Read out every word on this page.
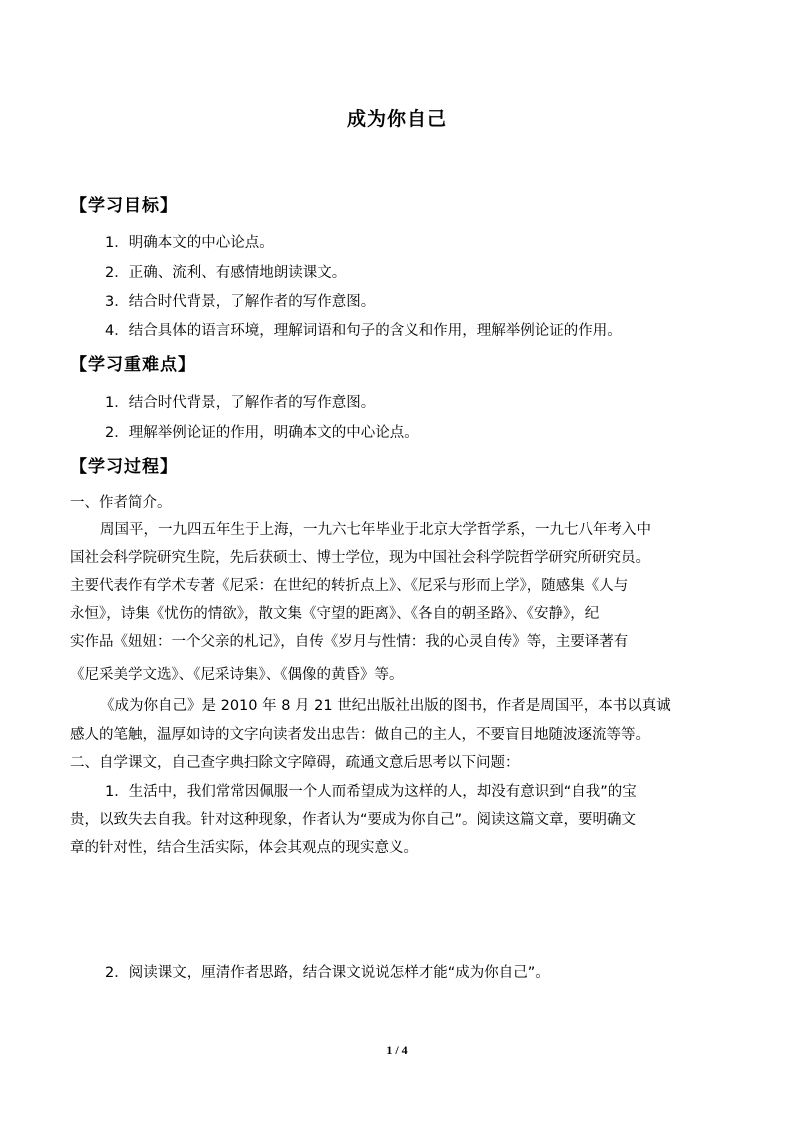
成为你自己
【学习目标】
1．明确本文的中心论点。
2．正确、流利、有感情地朗读课文。
3．结合时代背景，了解作者的写作意图。
4．结合具体的语言环境，理解词语和句子的含义和作用，理解举例论证的作用。
【学习重难点】
1．结合时代背景，了解作者的写作意图。
2．理解举例论证的作用，明确本文的中心论点。
【学习过程】
一、作者简介。
周国平，一九四五年生于上海，一九六七年毕业于北京大学哲学系，一九七八年考入中
国社会科学院研究生院，先后获硕士、博士学位，现为中国社会科学院哲学研究所研究员。
主要代表作有学术专著《尼采：在世纪的转折点上》、《尼采与形而上学》，随感集《人与
永恒》，诗集《忧伤的情欲》，散文集《守望的距离》、《各自的朝圣路》、《安静》，纪
实作品《妞妞：一个父亲的札记》，自传《岁月与性情：我的心灵自传》等，主要译著有
《尼采美学文选》、《尼采诗集》、《偶像的黄昏》等。
《成为你自己》是 2010 年 8 月 21 世纪出版社出版的图书，作者是周国平，本书以真诚
感人的笔触，温厚如诗的文字向读者发出忠告：做自己的主人，不要盲目地随波逐流等等。
二、自学课文，自己查字典扫除文字障碍，疏通文意后思考以下问题：
1．生活中，我们常常因佩服一个人而希望成为这样的人，却没有意识到“自我”的宝
贵，以致失去自我。针对这种现象，作者认为“要成为你自己”。阅读这篇文章，要明确文
章的针对性，结合生活实际，体会其观点的现实意义。
2．阅读课文，厘清作者思路，结合课文说说怎样才能“成为你自己”。
1 / 4
